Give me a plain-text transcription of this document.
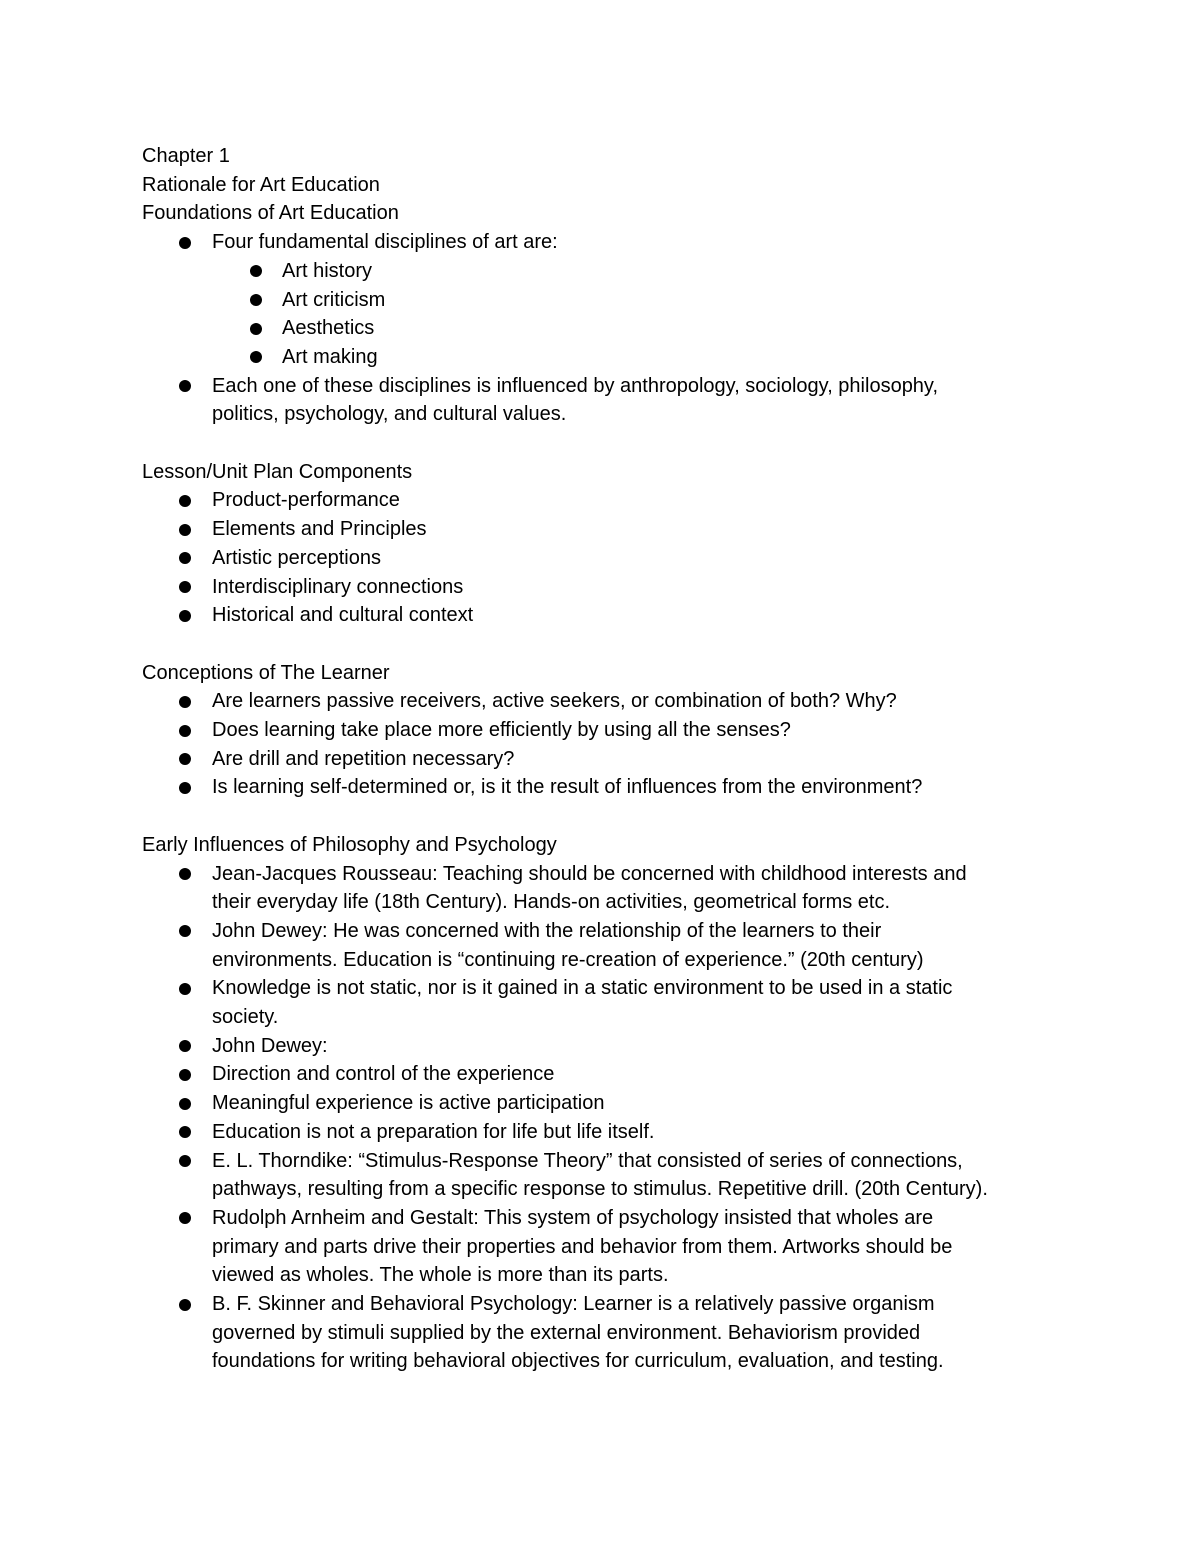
Chapter 1

Rationale for Art Education

Foundations of Art Education

Four fundamental disciplines of art are:
Art history
Art criticism
Aesthetics
Art making
Each one of these disciplines is influenced by anthropology, sociology, philosophy,
politics, psychology, and cultural values.

Lesson/Unit Plan Components

Product-performance
Elements and Principles
Artistic perceptions
Interdisciplinary connections
Historical and cultural context

Conceptions of The Learner

Are learners passive receivers, active seekers, or combination of both? Why?
Does learning take place more efficiently by using all the senses?
Are drill and repetition necessary?
Is learning self-determined or, is it the result of influences from the environment?

Early Influences of Philosophy and Psychology

Jean-Jacques Rousseau: Teaching should be concerned with childhood interests and
their everyday life (18th Century). Hands-on activities, geometrical forms etc.
John Dewey: He was concerned with the relationship of the learners to their
environments. Education is “continuing re-creation of experience.” (20th century)
Knowledge is not static, nor is it gained in a static environment to be used in a static
society.
John Dewey:
Direction and control of the experience
Meaningful experience is active participation
Education is not a preparation for life but life itself.
E. L. Thorndike: “Stimulus-Response Theory” that consisted of series of connections,
pathways, resulting from a specific response to stimulus. Repetitive drill. (20th Century).
Rudolph Arnheim and Gestalt: This system of psychology insisted that wholes are
primary and parts drive their properties and behavior from them. Artworks should be
viewed as wholes. The whole is more than its parts.
B. F. Skinner and Behavioral Psychology: Learner is a relatively passive organism
governed by stimuli supplied by the external environment. Behaviorism provided
foundations for writing behavioral objectives for curriculum, evaluation, and testing.
